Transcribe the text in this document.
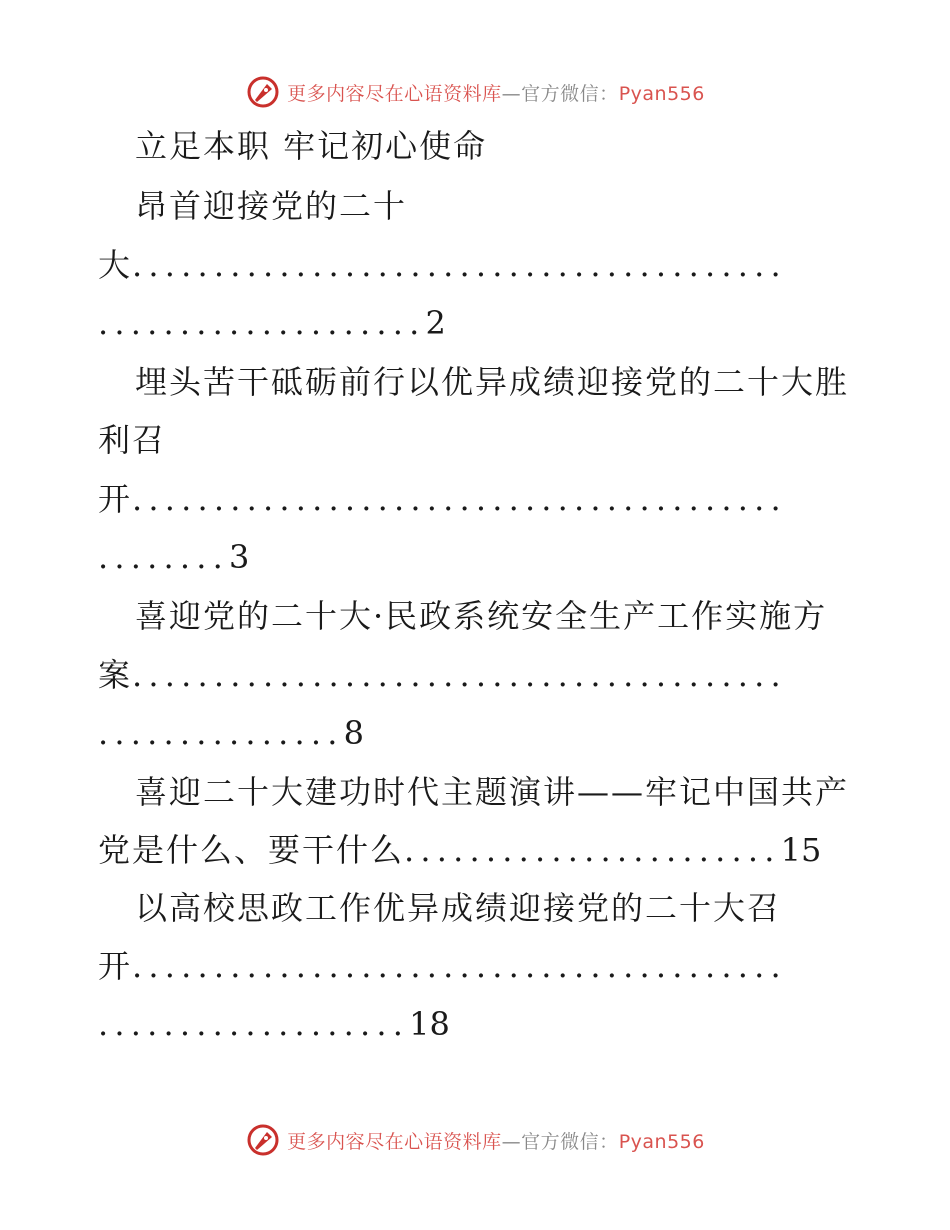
更多内容尽在心语资料库—官方微信：Pyan556
立足本职 牢记初心使命
昂首迎接党的二十
大........................................
....................2
埋头苦干砥砺前行以优异成绩迎接党的二十大胜
利召
开........................................
........3
喜迎党的二十大·民政系统安全生产工作实施方
案........................................
...............8
喜迎二十大建功时代主题演讲——牢记中国共产
党是什么、要干什么.......................15
以高校思政工作优异成绩迎接党的二十大召
开........................................
...................18
更多内容尽在心语资料库—官方微信：Pyan556
